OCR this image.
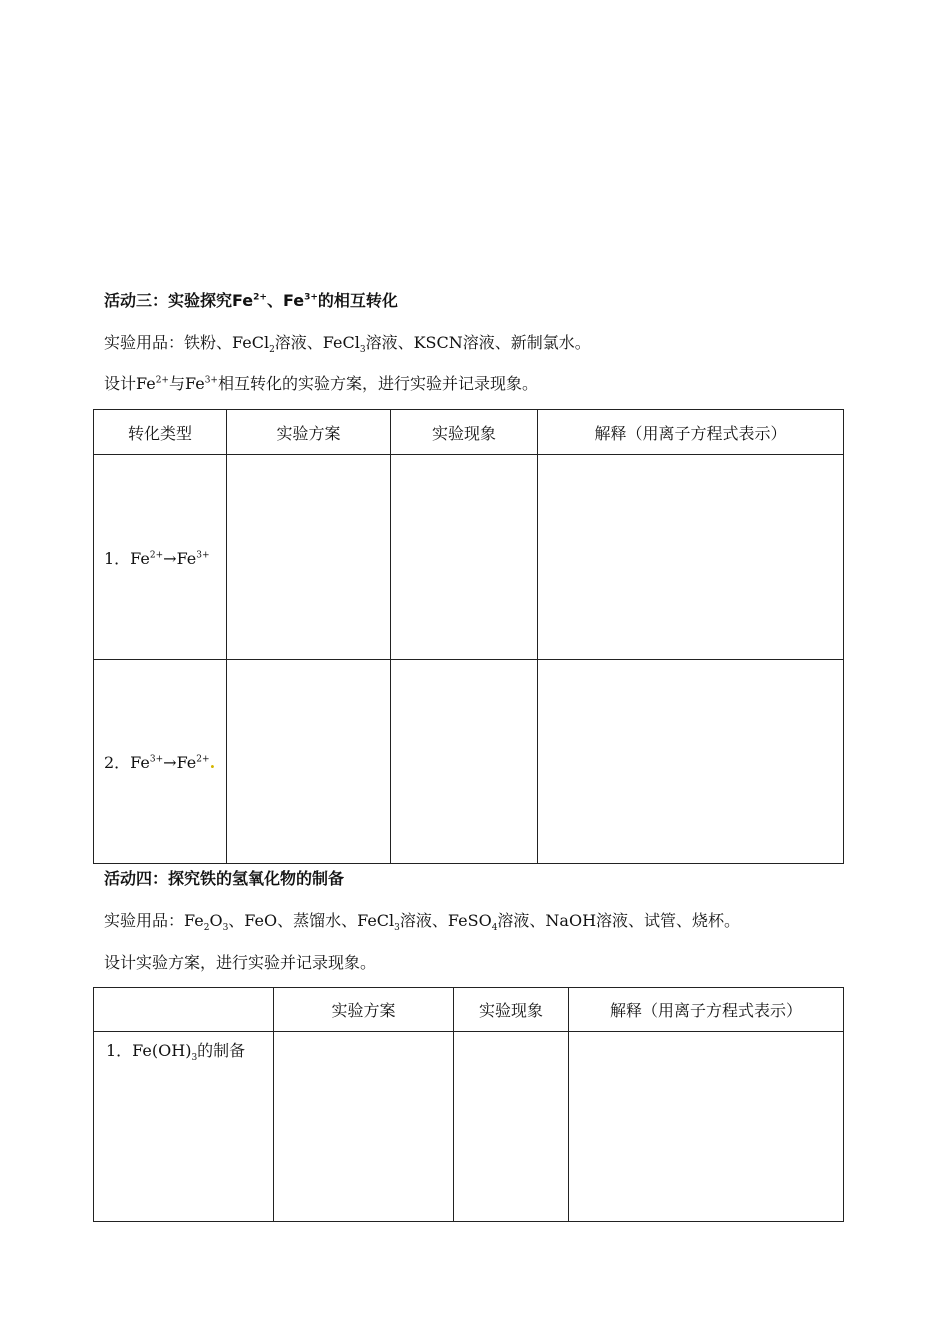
活动三：实验探究$Fe^{2+}$、$Fe^{3+}$的相互转化
实验用品：铁粉、FeCl$_2$溶液、FeCl$_3$溶液、KSCN溶液、新制氯水。
设计$Fe^{2+}$与$Fe^{3+}$相互转化的实验方案，进行实验并记录现象。
转化类型	实验方案	实验现象	解释（用离子方程式表示）
1．$Fe^{2+}\to Fe^{3+}$			
2．$Fe^{3+}\to Fe^{2+}$.			
活动四：探究铁的氢氧化物的制备
实验用品：$Fe_2O_3$、FeO、蒸馏水、FeCl$_3$溶液、FeSO$_4$溶液、NaOH溶液、试管、烧杯。
设计实验方案，进行实验并记录现象。
	实验方案	实验现象	解释（用离子方程式表示）
1．$Fe(OH)_3$的制备			
